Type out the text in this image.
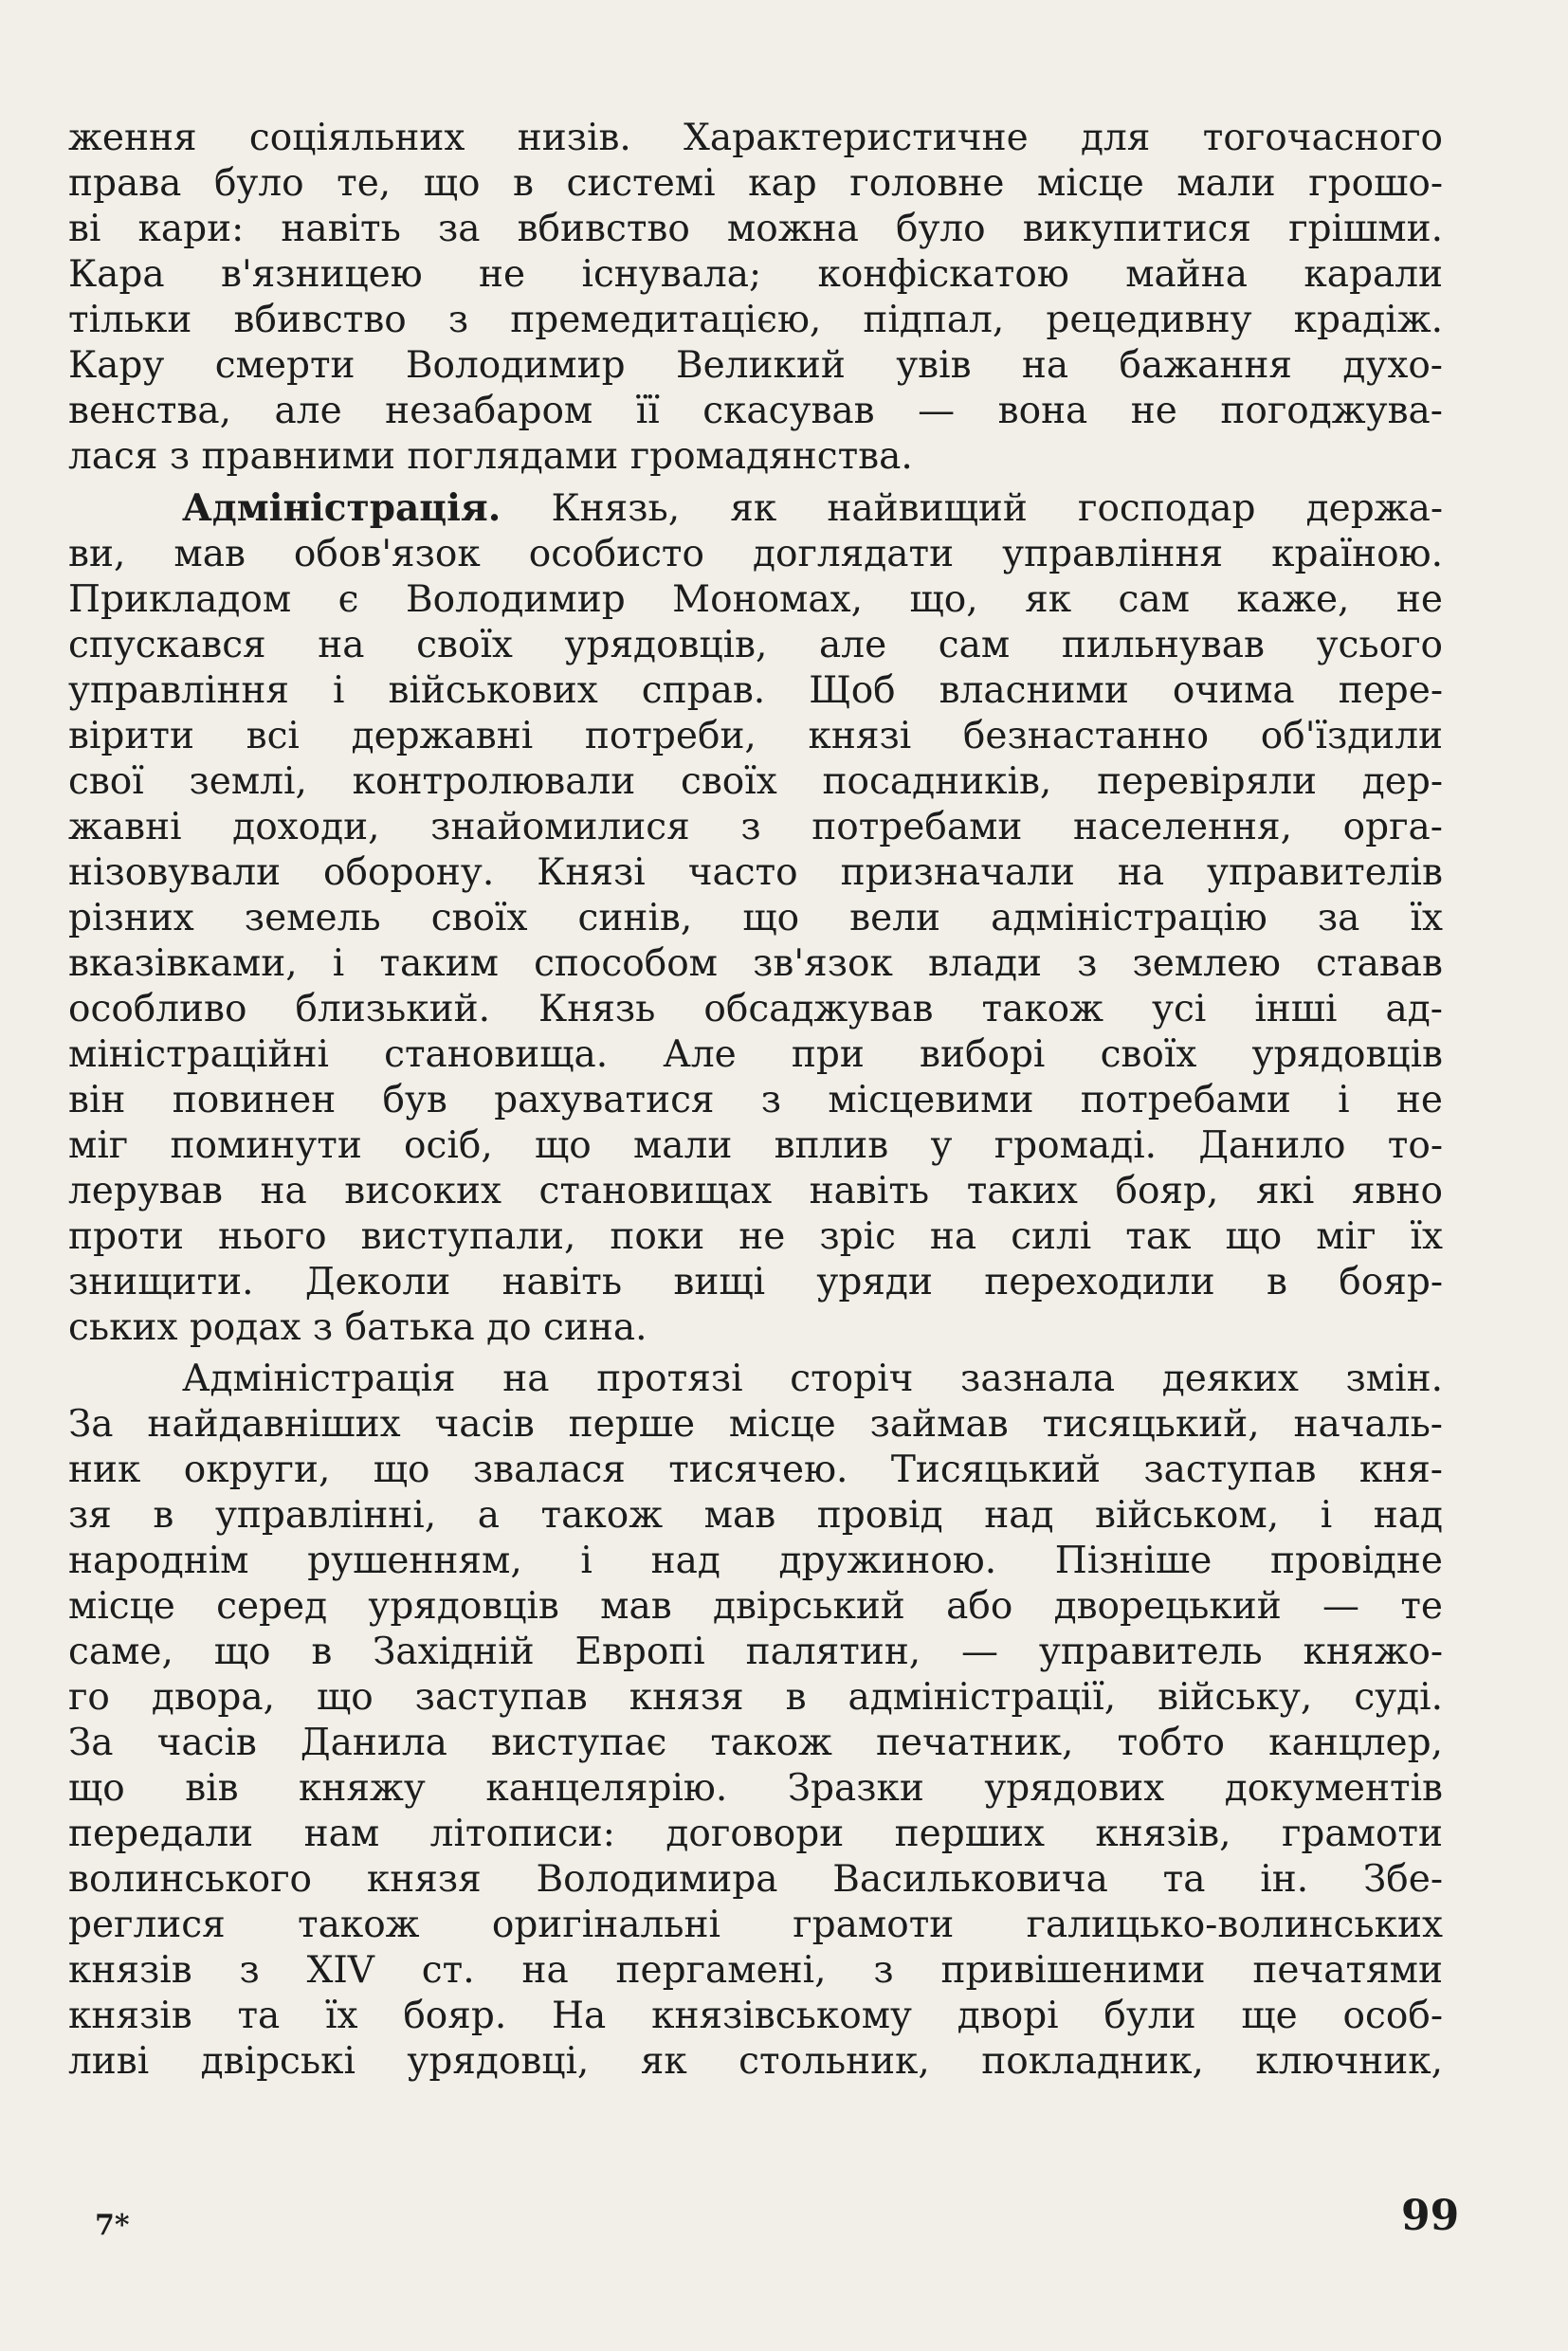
ження соціяльних низів. Характеристичне для тогочасного
права було те, що в системі кар головне місце мали грошо-
ві кари: навіть за вбивство можна було викупитися грішми.
Кара в'язницею не існувала; конфіскатою майна карали
тільки вбивство з премедитацією, підпал, рецедивну крадіж.
Кару смерти Володимир Великий увів на бажання духо-
венства, але незабаром її скасував — вона не погоджува-
лася з правними поглядами громадянства.
Адміністрація. Князь, як найвищий господар держа-
ви, мав обов'язок особисто доглядати управління країною.
Прикладом є Володимир Мономах, що, як сам каже, не
спускався на своїх урядовців, але сам пильнував усього
управління і військових справ. Щоб власними очима пере-
вірити всі державні потреби, князі безнастанно об'їздили
свої землі, контролювали своїх посадників, перевіряли дер-
жавні доходи, знайомилися з потребами населення, орга-
нізовували оборону. Князі часто призначали на управителів
різних земель своїх синів, що вели адміністрацію за їх
вказівками, і таким способом зв'язок влади з землею ставав
особливо близький. Князь обсаджував також усі інші ад-
міністраційні становища. Але при виборі своїх урядовців
він повинен був рахуватися з місцевими потребами і не
міг поминути осіб, що мали вплив у громаді. Данило то-
лерував на високих становищах навіть таких бояр, які явно
проти нього виступали, поки не зріс на силі так що міг їх
знищити. Деколи навіть вищі уряди переходили в бояр-
ських родах з батька до сина.
Адміністрація на протязі сторіч зазнала деяких змін.
За найдавніших часів перше місце займав тисяцький, началь-
ник округи, що звалася тисячею. Тисяцький заступав кня-
зя в управлінні, а також мав провід над військом, і над
народнім рушенням, і над дружиною. Пізніше провідне
місце серед урядовців мав двірський або дворецький — те
саме, що в Західній Европі палятин, — управитель княжо-
го двора, що заступав князя в адміністрації, війську, суді.
За часів Данила виступає також печатник, тобто канцлер,
що вів княжу канцелярію. Зразки урядових документів
передали нам літописи: договори перших князів, грамоти
волинського князя Володимира Васильковича та ін. Збе-
реглися також оригінальні грамоти галицько-волинських
князів з XIV ст. на пергамені, з привішеними печатями
князів та їх бояр. На князівському дворі були ще особ-
ливі двірські урядовці, як стольник, покладник, ключник,
7*	99
